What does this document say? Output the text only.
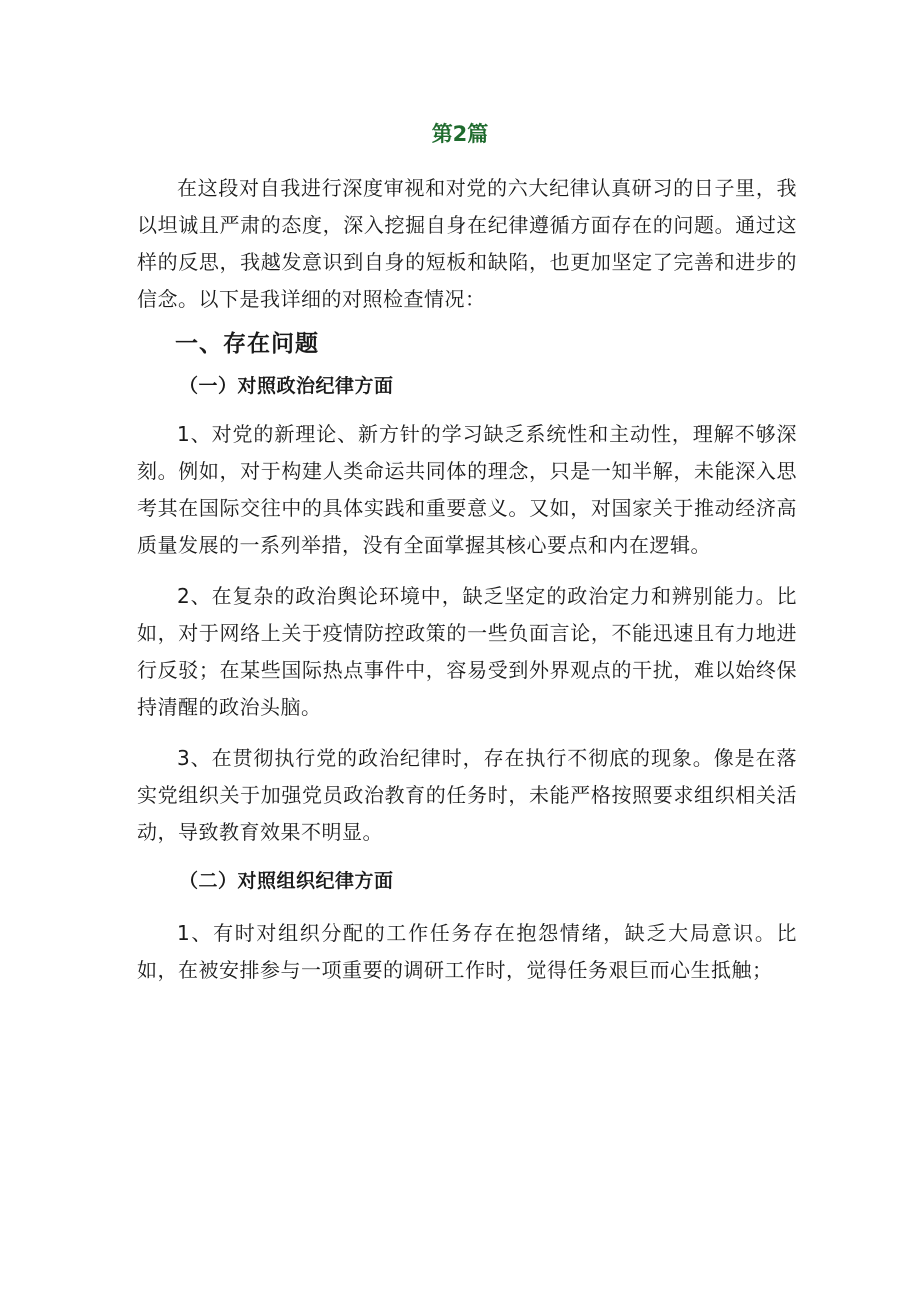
第2篇

在这段对自我进行深度审视和对党的六大纪律认真研习的日子里，我以坦诚且严肃的态度，深入挖掘自身在纪律遵循方面存在的问题。通过这样的反思，我越发意识到自身的短板和缺陷，也更加坚定了完善和进步的信念。以下是我详细的对照检查情况：

一、存在问题
（一）对照政治纪律方面

1、对党的新理论、新方针的学习缺乏系统性和主动性，理解不够深刻。例如，对于构建人类命运共同体的理念，只是一知半解，未能深入思考其在国际交往中的具体实践和重要意义。又如，对国家关于推动经济高质量发展的一系列举措，没有全面掌握其核心要点和内在逻辑。

2、在复杂的政治舆论环境中，缺乏坚定的政治定力和辨别能力。比如，对于网络上关于疫情防控政策的一些负面言论，不能迅速且有力地进行反驳；在某些国际热点事件中，容易受到外界观点的干扰，难以始终保持清醒的政治头脑。

3、在贯彻执行党的政治纪律时，存在执行不彻底的现象。像是在落实党组织关于加强党员政治教育的任务时，未能严格按照要求组织相关活动，导致教育效果不明显。

（二）对照组织纪律方面

1、有时对组织分配的工作任务存在抱怨情绪，缺乏大局意识。比如，在被安排参与一项重要的调研工作时，觉得任务艰巨而心生抵触；
